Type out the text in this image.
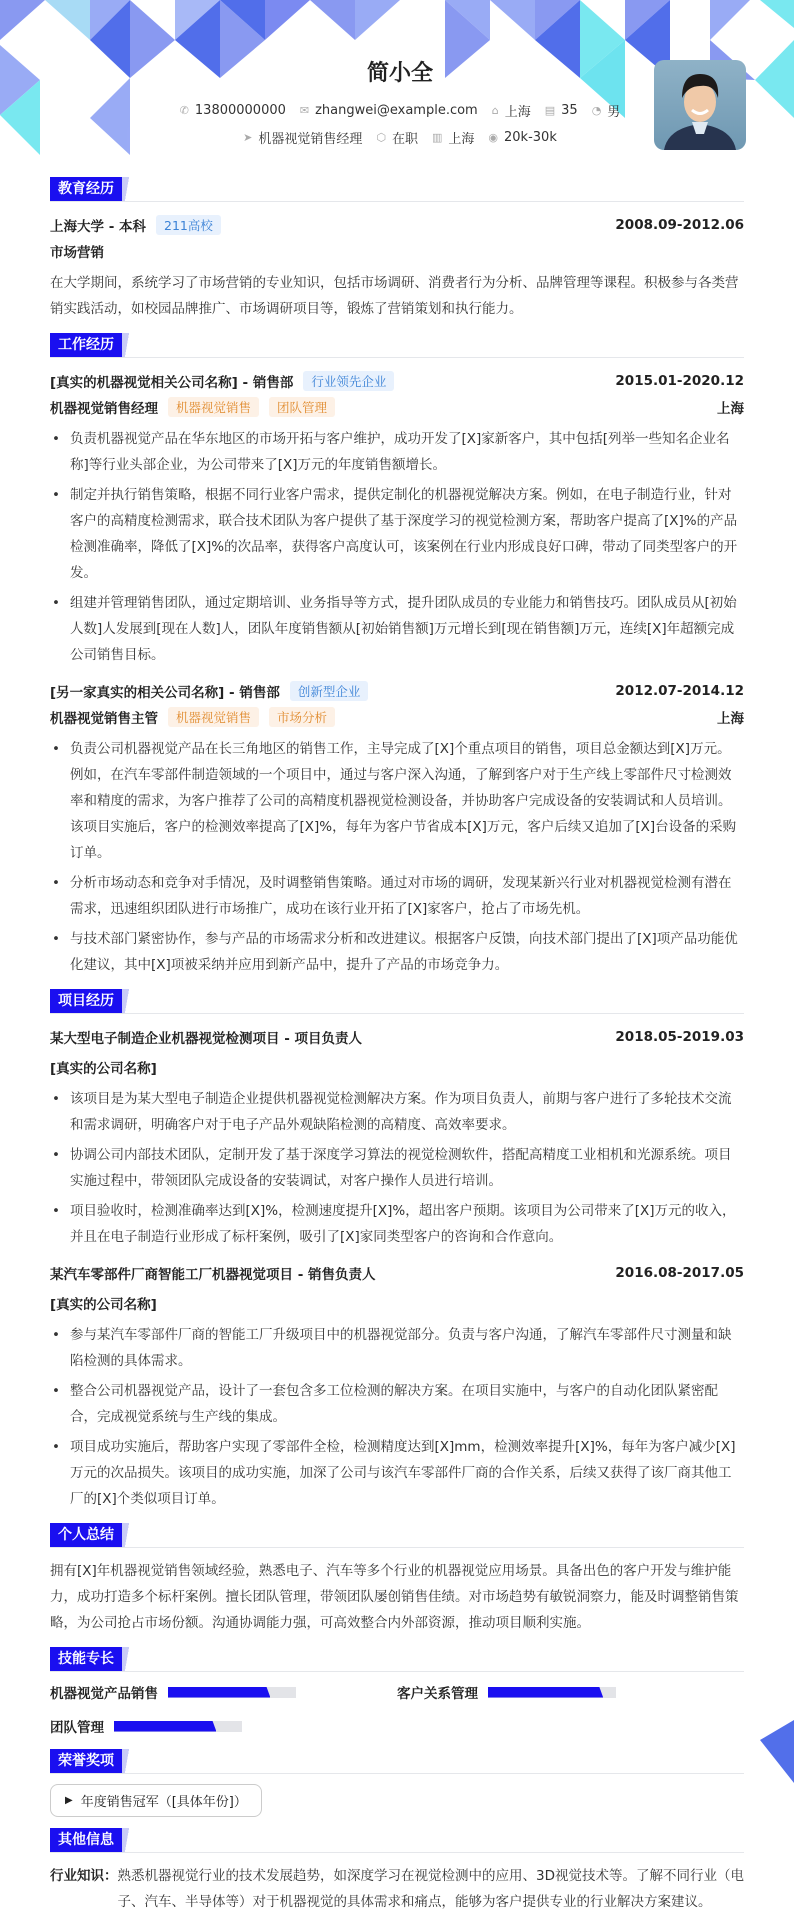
简小全
✆ 13800000000 ✉ zhangwei@example.com ⌂ 上海 ▤ 35 ◔ 男
➤ 机器视觉销售经理 ⬡ 在职 ▥ 上海 ◉ 20k-30k
教育经历
上海大学 - 本科	211高校	2008.09-2012.06
市场营销

在大学期间，系统学习了市场营销的专业知识，包括市场调研、消费者行为分析、品牌管理等课程。积极参与各类营销实践活动，如校园品牌推广、市场调研项目等，锻炼了营销策划和执行能力。

工作经历
[真实的机器视觉相关公司名称] - 销售部	行业领先企业	2015.01-2020.12
机器视觉销售经理	机器视觉销售	团队管理	上海
• 负责机器视觉产品在华东地区的市场开拓与客户维护，成功开发了[X]家新客户，其中包括[列举一些知名企业名称]等行业头部企业，为公司带来了[X]万元的年度销售额增长。
• 制定并执行销售策略，根据不同行业客户需求，提供定制化的机器视觉解决方案。例如，在电子制造行业，针对客户的高精度检测需求，联合技术团队为客户提供了基于深度学习的视觉检测方案，帮助客户提高了[X]%的产品检测准确率，降低了[X]%的次品率，获得客户高度认可，该案例在行业内形成良好口碑，带动了同类型客户的开发。
• 组建并管理销售团队，通过定期培训、业务指导等方式，提升团队成员的专业能力和销售技巧。团队成员从[初始人数]人发展到[现在人数]人，团队年度销售额从[初始销售额]万元增长到[现在销售额]万元，连续[X]年超额完成公司销售目标。
[另一家真实的相关公司名称] - 销售部	创新型企业	2012.07-2014.12
机器视觉销售主管	机器视觉销售	市场分析	上海
• 负责公司机器视觉产品在长三角地区的销售工作，主导完成了[X]个重点项目的销售，项目总金额达到[X]万元。例如，在汽车零部件制造领域的一个项目中，通过与客户深入沟通，了解到客户对于生产线上零部件尺寸检测效率和精度的需求，为客户推荐了公司的高精度机器视觉检测设备，并协助客户完成设备的安装调试和人员培训。该项目实施后，客户的检测效率提高了[X]%，每年为客户节省成本[X]万元，客户后续又追加了[X]台设备的采购订单。
• 分析市场动态和竞争对手情况，及时调整销售策略。通过对市场的调研，发现某新兴行业对机器视觉检测有潜在需求，迅速组织团队进行市场推广，成功在该行业开拓了[X]家客户，抢占了市场先机。
• 与技术部门紧密协作，参与产品的市场需求分析和改进建议。根据客户反馈，向技术部门提出了[X]项产品功能优化建议，其中[X]项被采纳并应用到新产品中，提升了产品的市场竞争力。
项目经历
某大型电子制造企业机器视觉检测项目 - 项目负责人	2018.05-2019.03
[真实的公司名称]
• 该项目是为某大型电子制造企业提供机器视觉检测解决方案。作为项目负责人，前期与客户进行了多轮技术交流和需求调研，明确客户对于电子产品外观缺陷检测的高精度、高效率要求。
• 协调公司内部技术团队，定制开发了基于深度学习算法的视觉检测软件，搭配高精度工业相机和光源系统。项目实施过程中，带领团队完成设备的安装调试，对客户操作人员进行培训。
• 项目验收时，检测准确率达到[X]%，检测速度提升[X]%，超出客户预期。该项目为公司带来了[X]万元的收入，并且在电子制造行业形成了标杆案例，吸引了[X]家同类型客户的咨询和合作意向。
某汽车零部件厂商智能工厂机器视觉项目 - 销售负责人	2016.08-2017.05
[真实的公司名称]
• 参与某汽车零部件厂商的智能工厂升级项目中的机器视觉部分。负责与客户沟通，了解汽车零部件尺寸测量和缺陷检测的具体需求。
• 整合公司机器视觉产品，设计了一套包含多工位检测的解决方案。在项目实施中，与客户的自动化团队紧密配合，完成视觉系统与生产线的集成。
• 项目成功实施后，帮助客户实现了零部件全检，检测精度达到[X]mm，检测效率提升[X]%，每年为客户减少[X]万元的次品损失。该项目的成功实施，加深了公司与该汽车零部件厂商的合作关系，后续又获得了该厂商其他工厂的[X]个类似项目订单。
个人总结

拥有[X]年机器视觉销售领域经验，熟悉电子、汽车等多个行业的机器视觉应用场景。具备出色的客户开发与维护能力，成功打造多个标杆案例。擅长团队管理，带领团队屡创销售佳绩。对市场趋势有敏锐洞察力，能及时调整销售策略，为公司抢占市场份额。沟通协调能力强，可高效整合内外部资源，推动项目顺利实施。

技能专长
机器视觉产品销售	客户关系管理
团队管理
荣誉奖项
▶ 年度销售冠军（[具体年份]）
其他信息
行业知识： 熟悉机器视觉行业的技术发展趋势，如深度学习在视觉检测中的应用、3D视觉技术等。了解不同行业（电子、汽车、半导体等）对于机器视觉的具体需求和痛点，能够为客户提供专业的行业解决方案建议。
